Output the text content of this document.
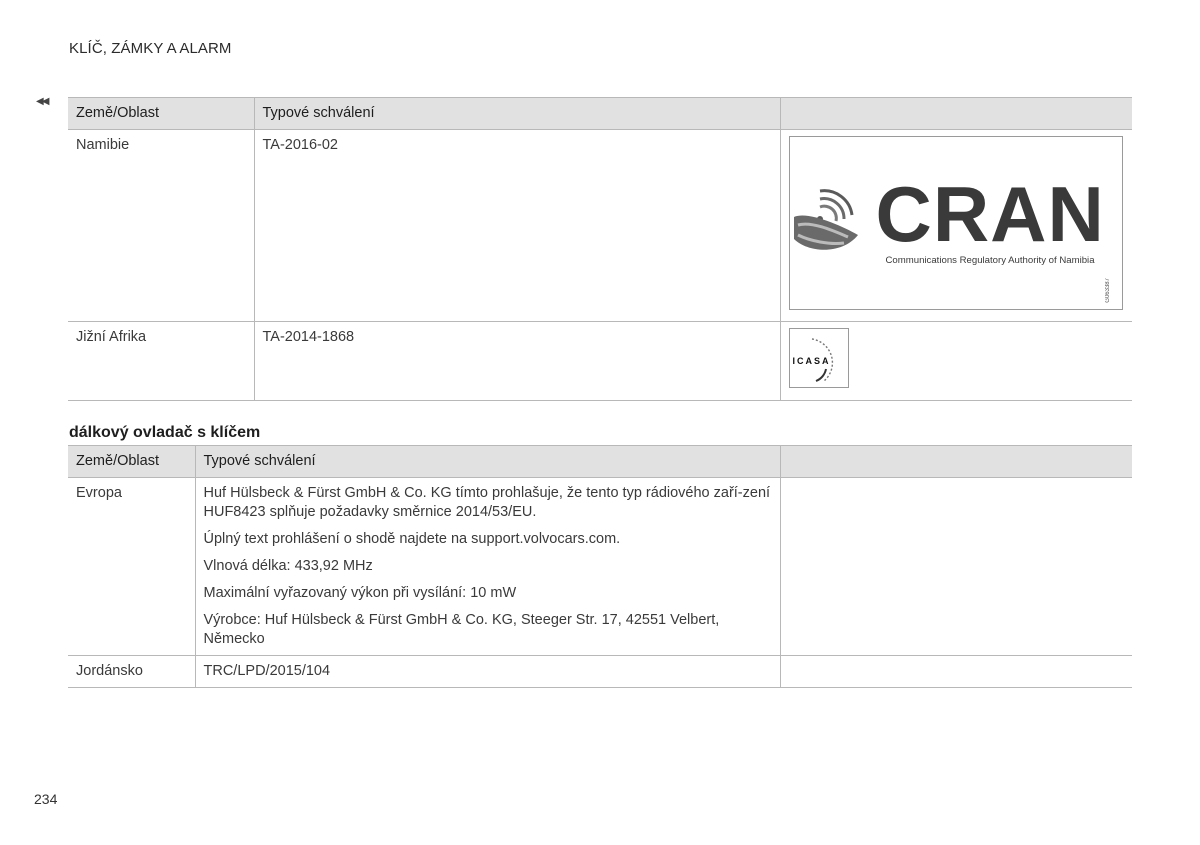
KLÍČ, ZÁMKY A ALARM
◀◀
Země/Oblast	Typové schválení	
Namibie	TA-2016-02	CRAN
Communications Regulatory Authority of Namibia
G063387

Jižní Afrika	TA-2014-1868	ICASA
dálkový ovladač s klíčem
Země/Oblast	Typové schválení	
Evropa	Huf Hülsbeck & Fürst GmbH & Co. KG tímto prohlašuje, že tento typ rádiového zaří-zení HUF8423 splňuje požadavky směrnice 2014/53/EU.

Úplný text prohlášení o shodě najdete na support.volvocars.com.

Vlnová délka: 433,92 MHz

Maximální vyřazovaný výkon při vysílání: 10 mW

Výrobce: Huf Hülsbeck & Fürst GmbH & Co. KG, Steeger Str. 17, 42551 Velbert, Německo	

Jordánsko	TRC/LPD/2015/104	
234
